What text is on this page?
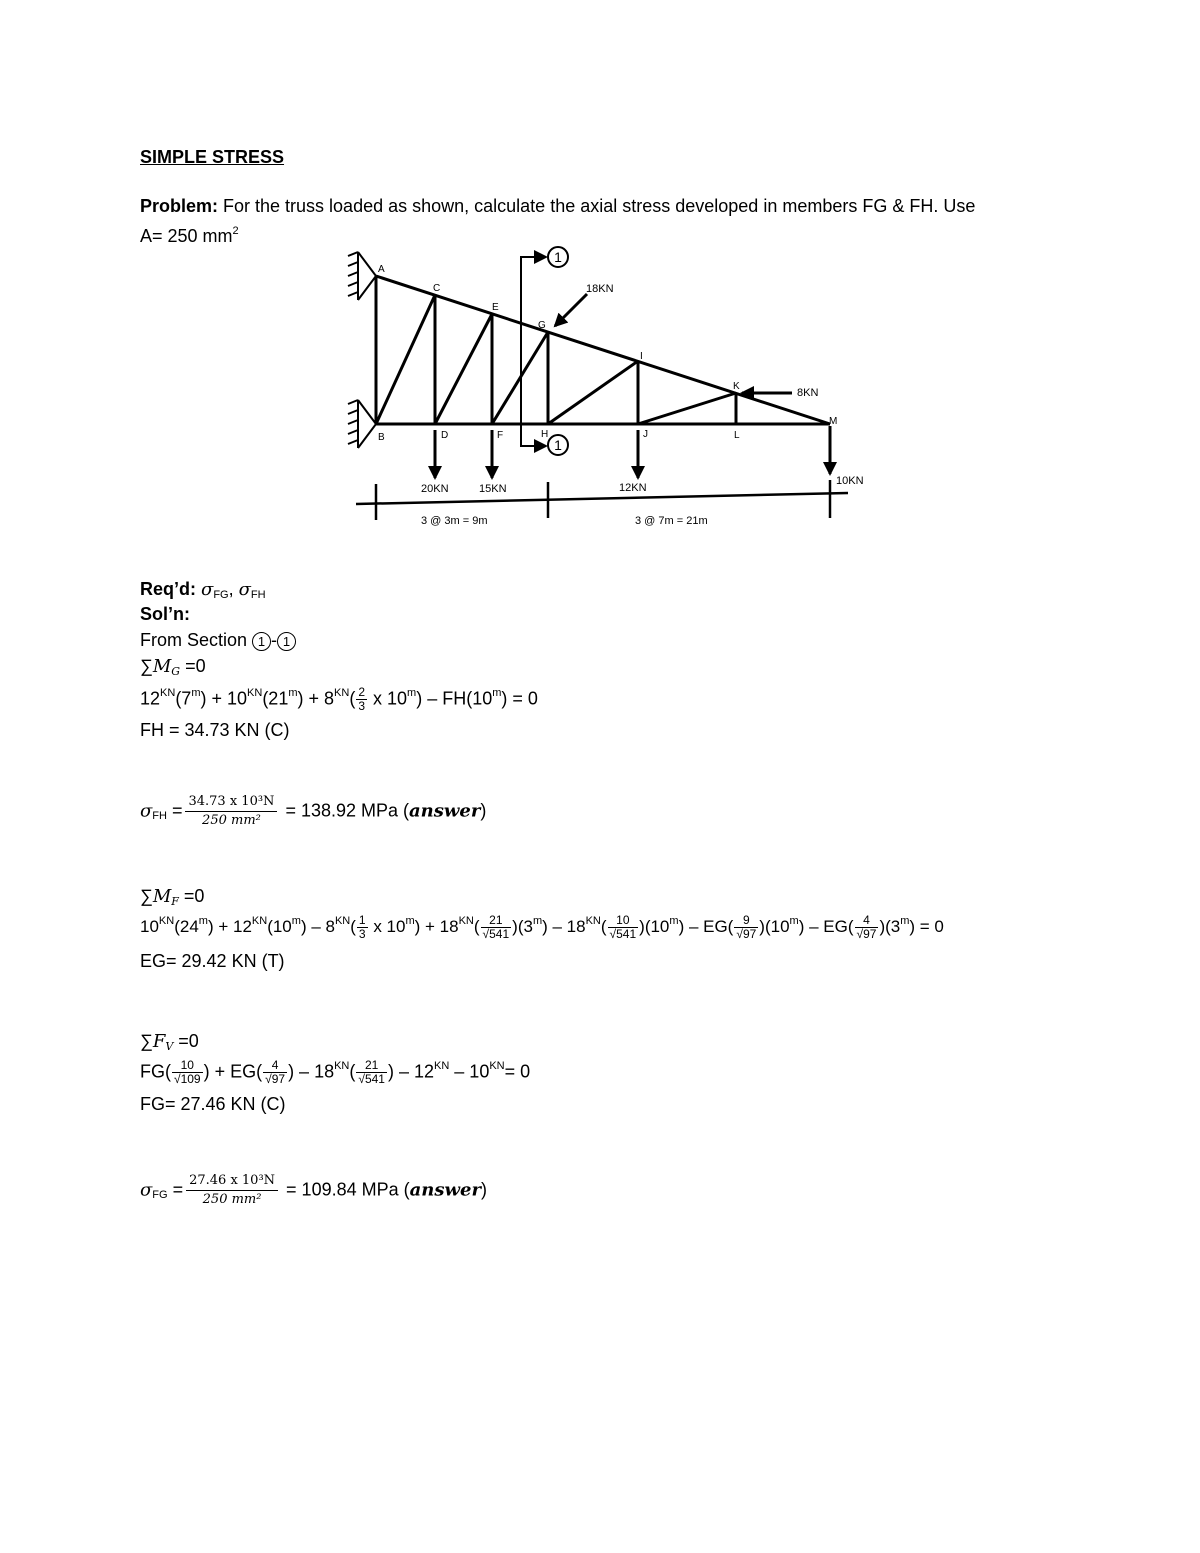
SIMPLE STRESS
Problem: For the truss loaded as shown, calculate the axial stress developed in members FG & FH. Use
A= 250 $mm^2$
A
B
C
D
E
F
G
H
I
J
K
L
M
1
1
20KN	15KN	12KN
10KN
18KN
8KN
3 @ 3m = 9m	3 @ 7m = 21m
Req’d: $\sigma_{FG}$, $\sigma_{FH}$
Sol’n:
From Section 1 - 1
$\sum M_G =0$
$12^{KN}(7^m) + 10^{KN}(21^m) + 8^{KN}( \frac{2}{3}$ x $10^m) - FH(10^m) = 0$
FH = 34.73 KN (C)
$\sigma_{FH} = \frac{\text{34.73 x 10³N}}{\text{250 mm²}} = 138.92$ MPa (answer)
$\sum M_F =0$
$10^{KN}(24^m) + 12^{KN}(10^m) - 8^{KN}( \frac{1}{3}$ x $10^m) + 18^{KN}( \frac{21}{√541} )(3^m) - 18^{KN}( \frac{10}{√541} )(10^m) - EG( \frac{9}{√97} )(10^m) - EG( \frac{4}{√97} )(3^m) = 0$
EG= 29.42 KN (T)
$\sum F_V =0$
$FG( \frac{10}{√109}$ ) + $EG( \frac{4}{√97}$ ) – $18^{KN}( \frac{21}{√541}$ ) – $12^{KN} - 10^{KN}= 0$
FG= 27.46 KN (C)
$\sigma_{FG} = \frac{\text{27.46 x 10³N}}{\text{250 mm²}} = 109.84$ MPa (answer)
